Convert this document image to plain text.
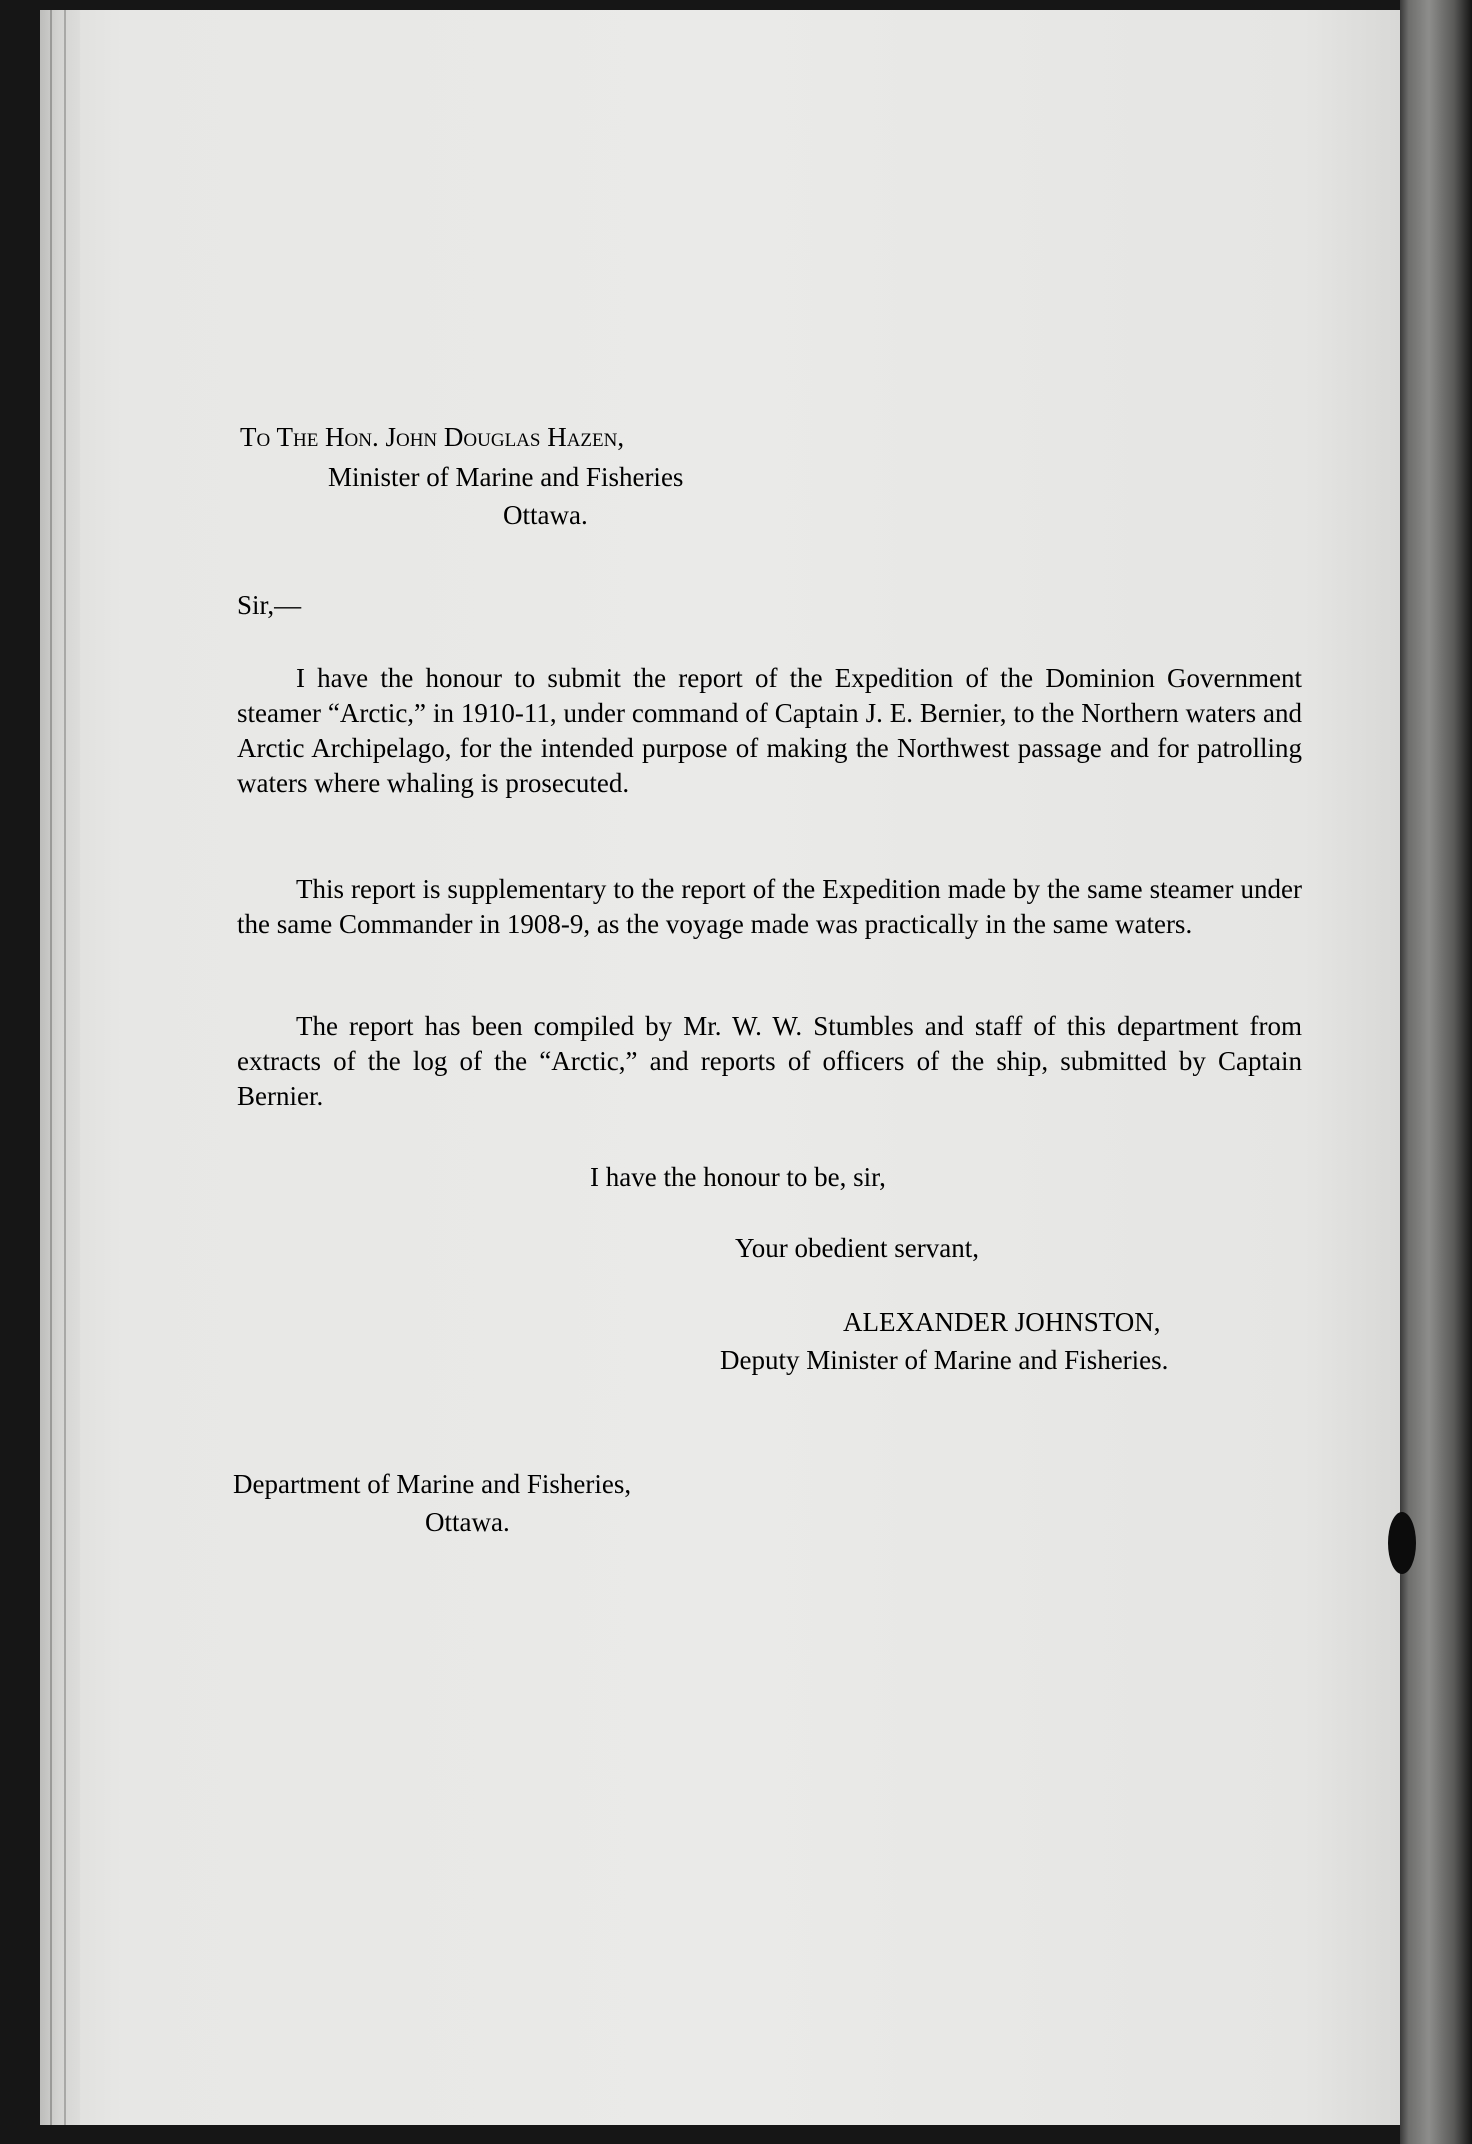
To The Hon. John Douglas Hazen,

Minister of Marine and Fisheries

Ottawa.

Sir,—

I have the honour to submit the report of the Expedition of the Dominion Government steamer “Arctic,” in 1910-11, under command of Captain J. E. Bernier, to the Northern waters and Arctic Archipelago, for the intended purpose of making the Northwest passage and for patrolling waters where whaling is prosecuted.

This report is supplementary to the report of the Expedition made by the same steamer under the same Commander in 1908-9, as the voyage made was practically in the same waters.

The report has been compiled by Mr. W. W. Stumbles and staff of this department from extracts of the log of the “Arctic,” and reports of officers of the ship, submitted by Captain Bernier.

I have the honour to be, sir,

Your obedient servant,

ALEXANDER JOHNSTON,

Deputy Minister of Marine and Fisheries.

Department of Marine and Fisheries,

Ottawa.
